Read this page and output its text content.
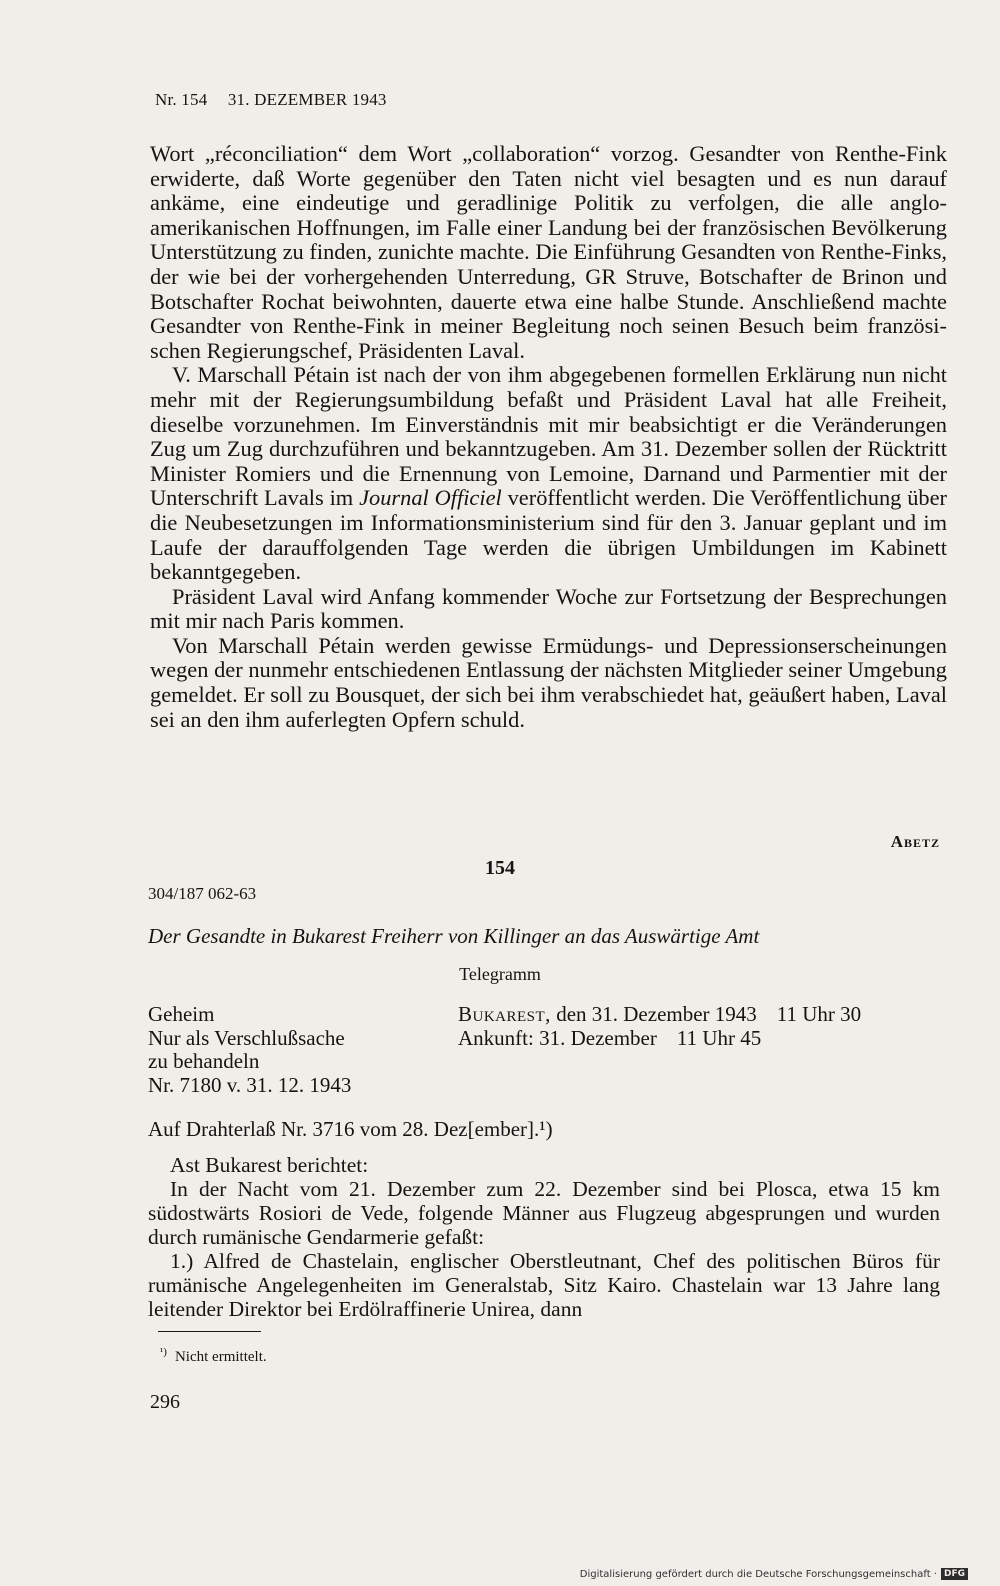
Nr. 154 31. DEZEMBER 1943

Wort „réconciliation“ dem Wort „collaboration“ vorzog. Gesandter von Renthe-Fink erwiderte, daß Worte gegenüber den Taten nicht viel besagten und es nun darauf ankäme, eine eindeutige und geradlinige Politik zu verfolgen, die alle anglo-amerikanischen Hoffnungen, im Falle einer Landung bei der französischen Bevölkerung Unterstützung zu finden, zunichte machte. Die Einführung Gesandten von Renthe-Finks, der wie bei der vorhergehenden Unterredung, GR Struve, Botschafter de Brinon und Botschafter Rochat beiwohnten, dauerte etwa eine halbe Stunde. Anschließend machte Gesandter von Renthe-Fink in meiner Begleitung noch seinen Besuch beim französischen Regierungschef, Präsidenten Laval.

V. Marschall Pétain ist nach der von ihm abgegebenen formellen Erklärung nun nicht mehr mit der Regierungsumbildung befaßt und Präsident Laval hat alle Freiheit, dieselbe vorzunehmen. Im Einverständnis mit mir beabsichtigt er die Veränderungen Zug um Zug durchzuführen und bekanntzugeben. Am 31. Dezember sollen der Rücktritt Minister Romiers und die Ernennung von Lemoine, Darnand und Parmentier mit der Unterschrift Lavals im Journal Officiel veröffentlicht werden. Die Veröffentlichung über die Neubesetzungen im Informationsministerium sind für den 3. Januar geplant und im Laufe der darauffolgenden Tage werden die übrigen Umbildungen im Kabinett bekanntgegeben.

Präsident Laval wird Anfang kommender Woche zur Fortsetzung der Besprechungen mit mir nach Paris kommen.

Von Marschall Pétain werden gewisse Ermüdungs- und Depressionserscheinungen wegen der nunmehr entschiedenen Entlassung der nächsten Mitglieder seiner Umgebung gemeldet. Er soll zu Bousquet, der sich bei ihm verabschiedet hat, geäußert haben, Laval sei an den ihm auferlegten Opfern schuld.

Abetz
154
304/187 062-63
Der Gesandte in Bukarest Freiherr von Killinger an das Auswärtige Amt
Telegramm
Geheim
Nur als Verschlußsache
zu behandeln
Nr. 7180 v. 31. 12. 1943
Bukarest, den 31. Dezember 1943 11 Uhr 30
Ankunft: 31. Dezember 11 Uhr 45
Auf Drahterlaß Nr. 3716 vom 28. Dez[ember].¹)

Ast Bukarest berichtet:

In der Nacht vom 21. Dezember zum 22. Dezember sind bei Plosca, etwa 15 km südostwärts Rosiori de Vede, folgende Männer aus Flugzeug abgesprungen und wurden durch rumänische Gendarmerie gefaßt:

1.) Alfred de Chastelain, englischer Oberstleutnant, Chef des politischen Büros für rumänische Angelegenheiten im Generalstab, Sitz Kairo. Chastelain war 13 Jahre lang leitender Direktor bei Erdölraffinerie Unirea, dann

$^{^1)}$ Nicht ermittelt.
296
Digitalisierung gefördert durch die Deutsche Forschungsgemeinschaft · DFG
